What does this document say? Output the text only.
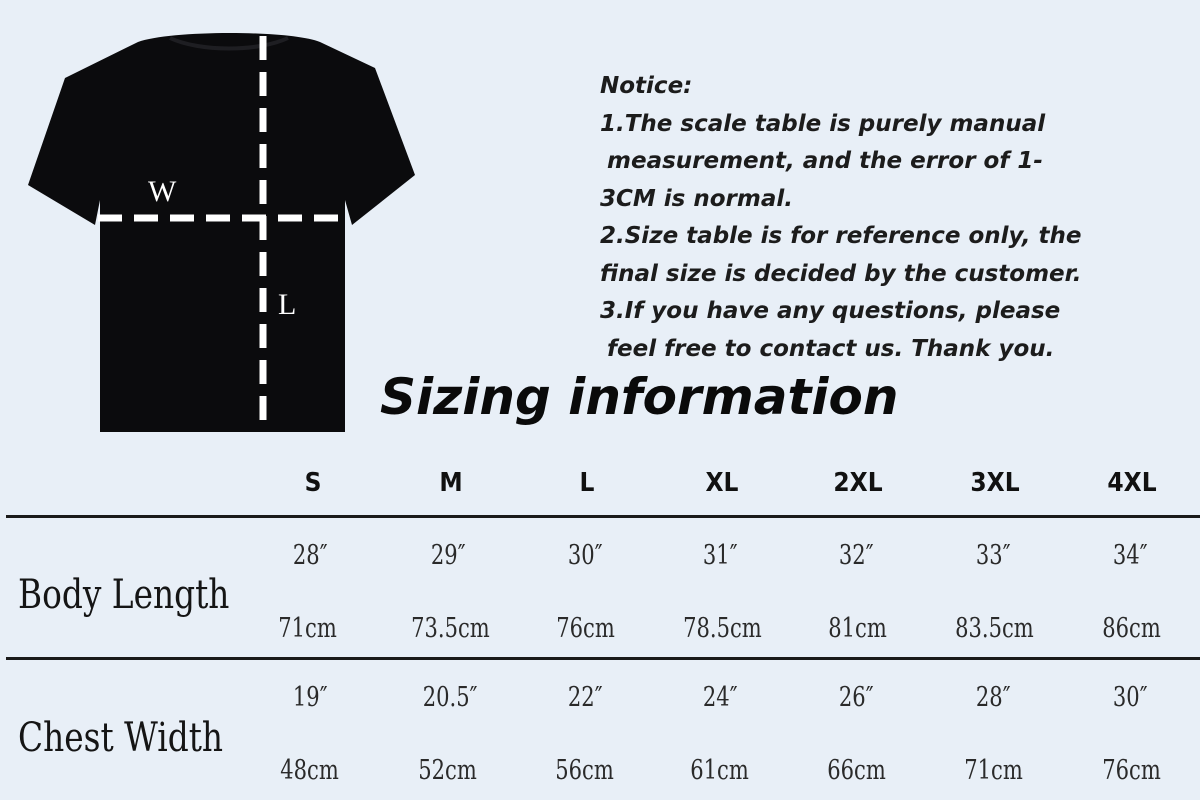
W
L
Notice:
1.The scale table is purely manual
measurement, and the error of 1-
3CM is normal.
2.Size table is for reference only, the
final size is decided by the customer.
3.If you have any questions, please
feel free to contact us. Thank you.
Sizing information
S	M	L	XL	2XL	3XL	4XL
Body Length
28″	29″	30″	31″	32″	33″	34″
71cm	73.5cm	76cm	78.5cm	81cm	83.5cm	86cm
Chest Width
19″	20.5″	22″	24″	26″	28″	30″
48cm	52cm	56cm	61cm	66cm	71cm	76cm
